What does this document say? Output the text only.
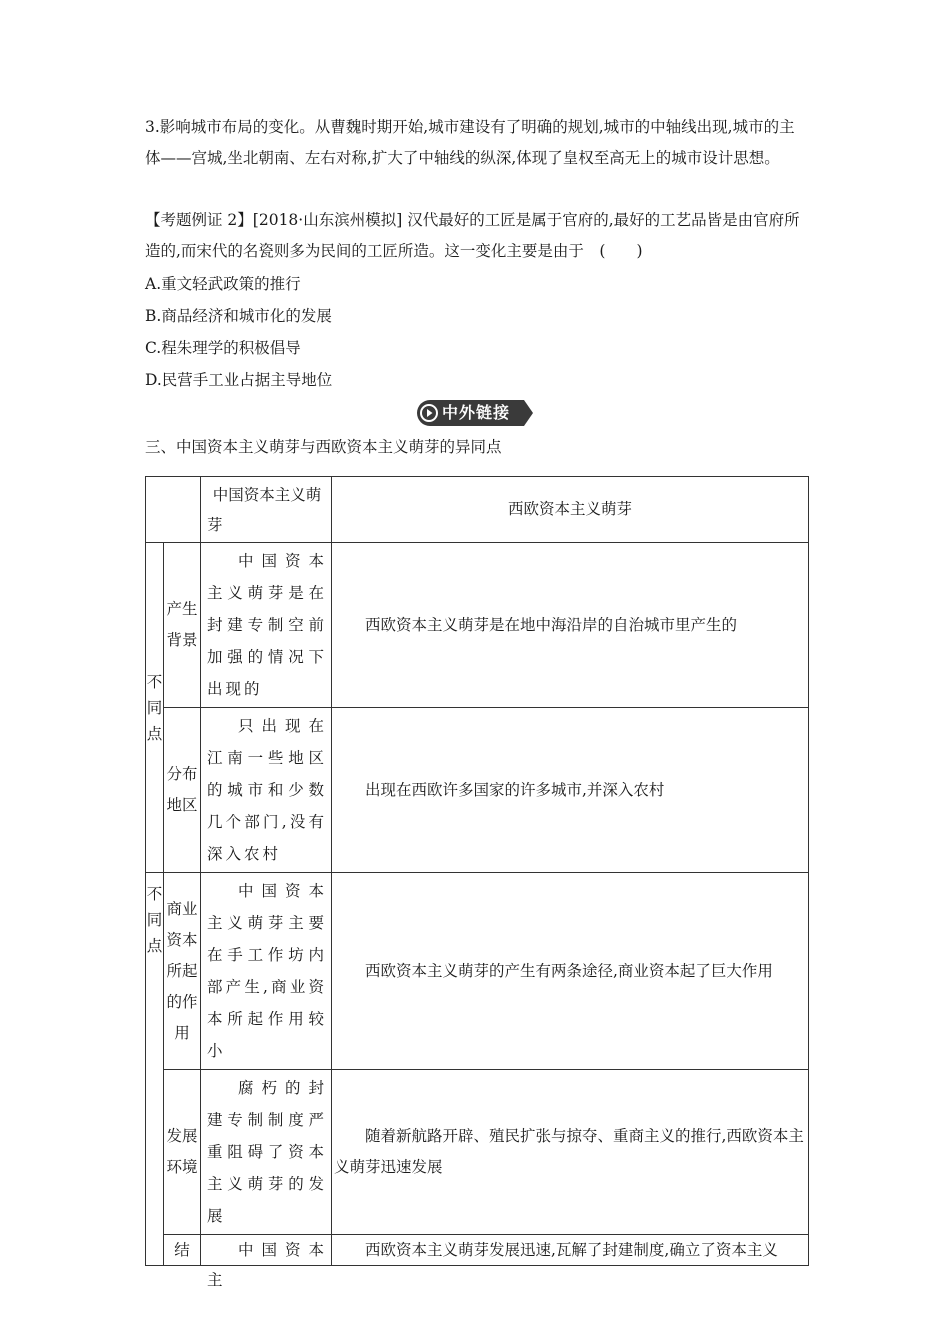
3.影响城市布局的变化。从曹魏时期开始,城市建设有了明确的规划,城市的中轴线出现,城市的主体——宫城,坐北朝南、左右对称,扩大了中轴线的纵深,体现了皇权至高无上的城市设计思想。

【考题例证 2】[2018·山东滨州模拟] 汉代最好的工匠是属于官府的,最好的工艺品皆是由官府所造的,而宋代的名瓷则多为民间的工匠所造。这一变化主要是由于　(　　)

A.重文轻武政策的推行
B.商品经济和城市化的发展
C.程朱理学的积极倡导
D.民营手工业占据主导地位
中外链接
三、中国资本主义萌芽与西欧资本主义萌芽的异同点

		中国资本主义萌芽	西欧资本主义萌芽

不同点	产生背景	中国资本主义萌芽是在封建专制空前加强的情况下出现的	西欧资本主义萌芽是在地中海沿岸的自治城市里产生的

	分布地区	只出现在江南一些地区的城市和少数几个部门,没有深入农村	出现在西欧许多国家的许多城市,并深入农村

不同点	商业资本所起的作用	中国资本主义萌芽主要在手工作坊内部产生,商业资本所起作用较小	西欧资本主义萌芽的产生有两条途径,商业资本起了巨大作用

	发展环境	腐朽的封建专制制度严重阻碍了资本主义萌芽的发展	随着新航路开辟、殖民扩张与掠夺、重商主义的推行,西欧资本主义萌芽迅速发展

	结	中国资本主	西欧资本主义萌芽发展迅速,瓦解了封建制度,确立了资本主义
